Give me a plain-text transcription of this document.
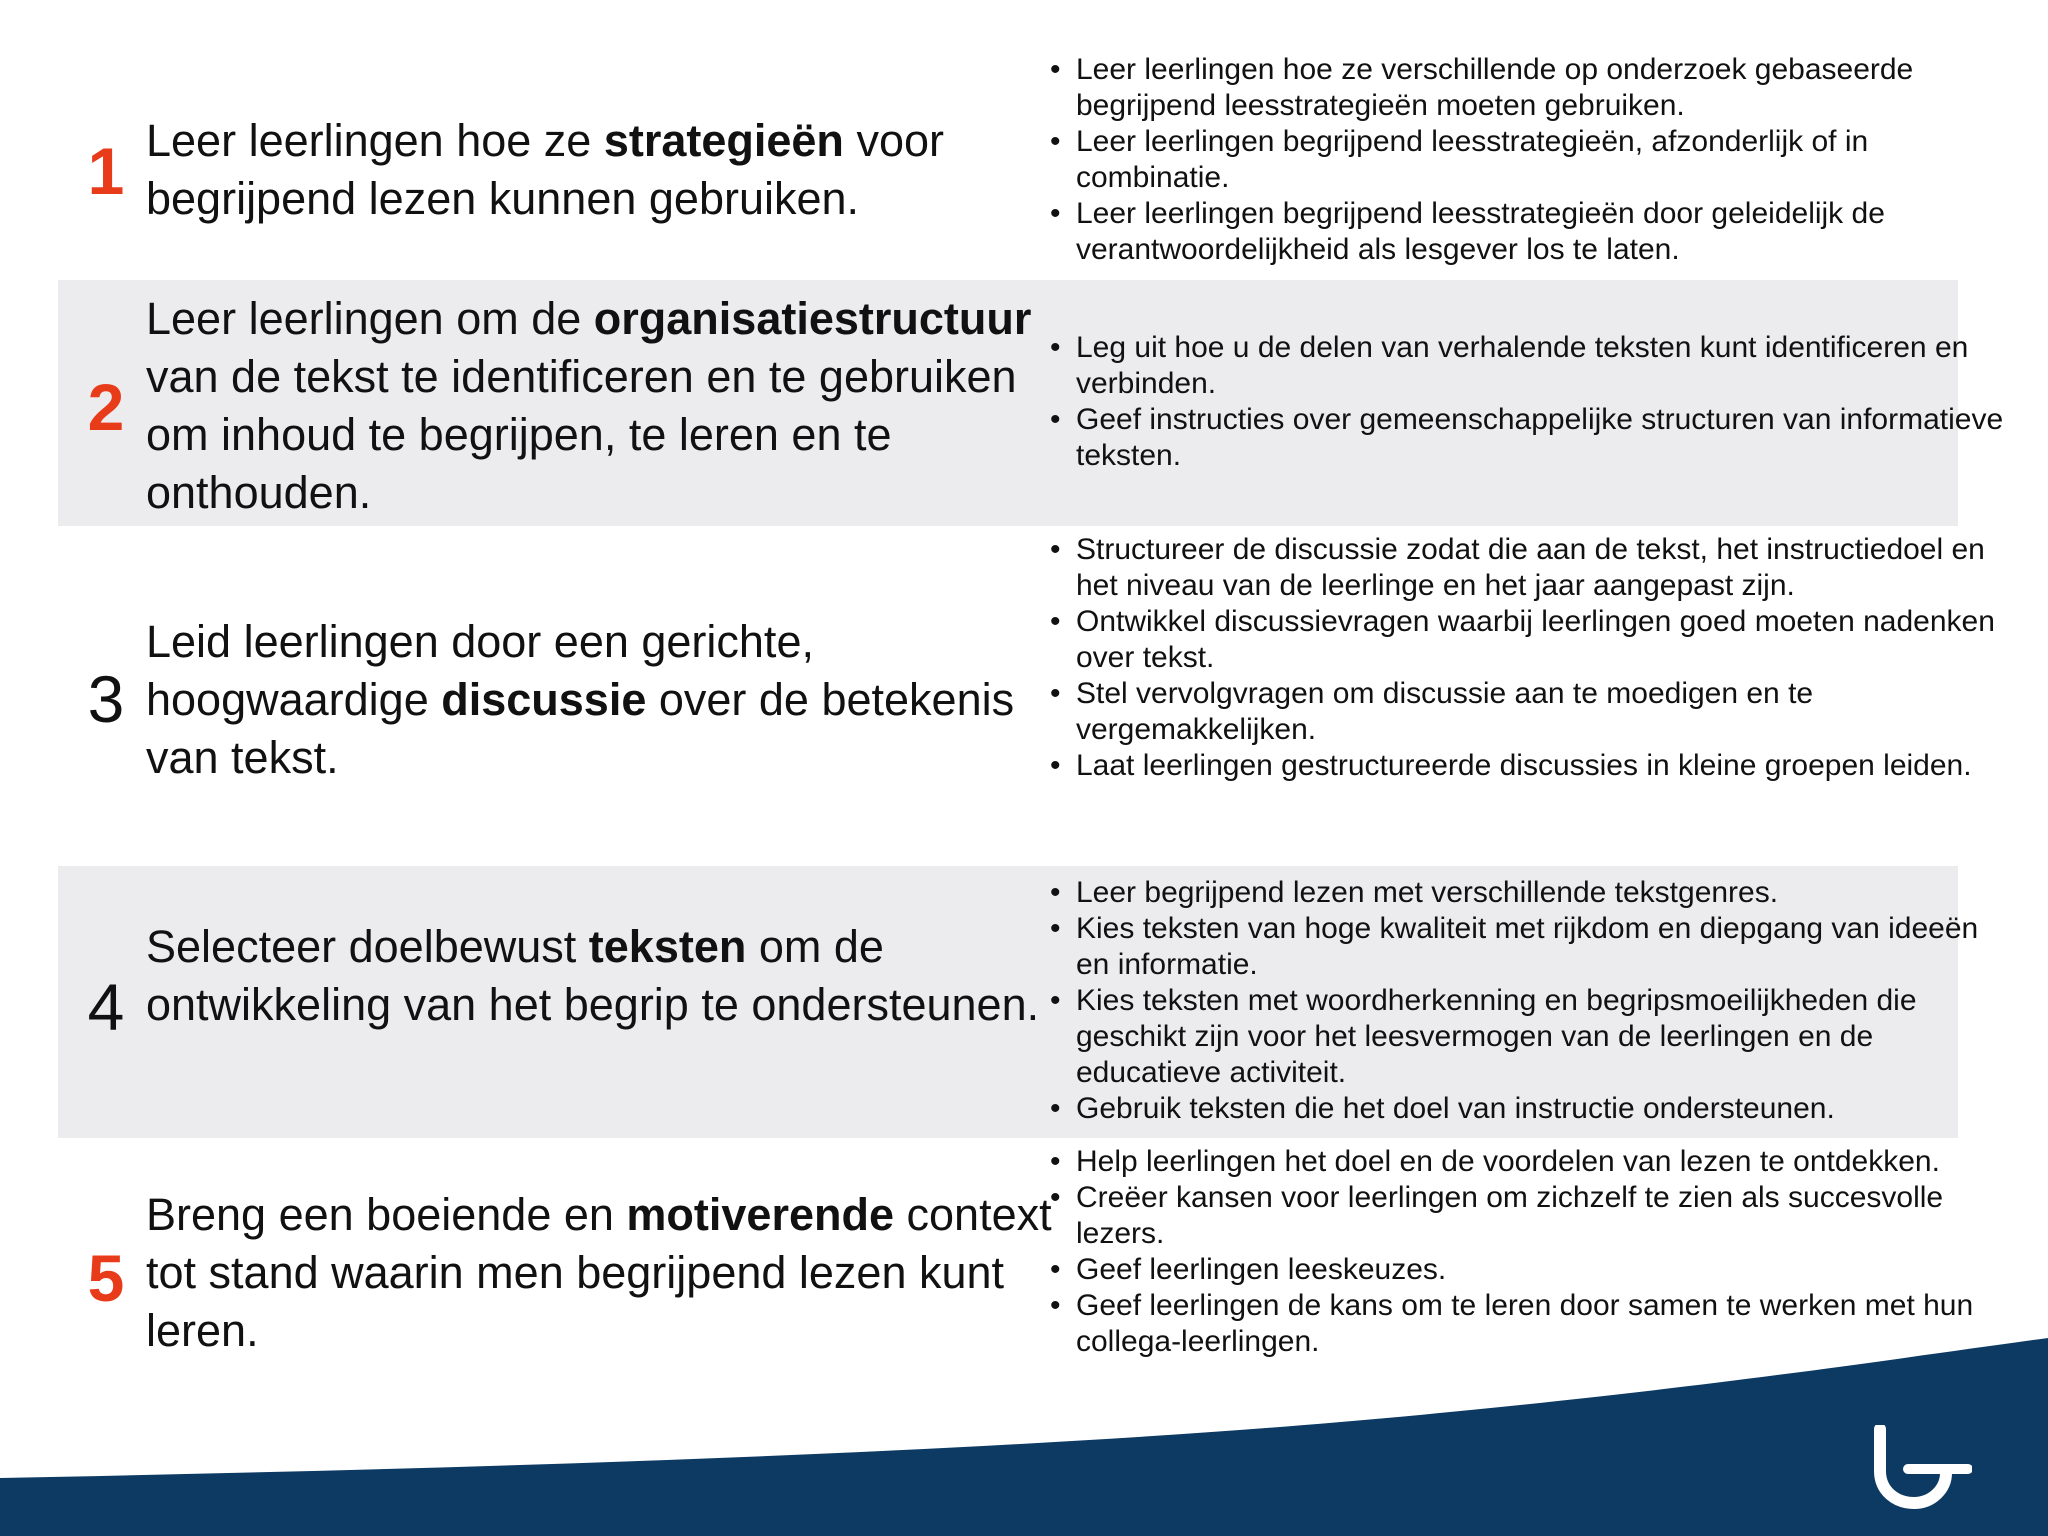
1 Leer leerlingen hoe ze strategieën voor begrijpend lezen kunnen gebruiken.
• Leer leerlingen hoe ze verschillende op onderzoek gebaseerde begrijpend leesstrategieën moeten gebruiken.
• Leer leerlingen begrijpend leesstrategieën, afzonderlijk of in combinatie.
• Leer leerlingen begrijpend leesstrategieën door geleidelijk de verantwoordelijkheid als lesgever los te laten.
2
Leer leerlingen om de organisatiestructuur van de tekst te identificeren en te gebruiken om inhoud te begrijpen, te leren en te onthouden.
• Leg uit hoe u de delen van verhalende teksten kunt identificeren en verbinden.
• Geef instructies over gemeenschappelijke structuren van informatieve teksten.
3
Leid leerlingen door een gerichte, hoogwaardige discussie over de betekenis van tekst.
• Structureer de discussie zodat die aan de tekst, het instructiedoel en het niveau van de leerlinge en het jaar aangepast zijn.
• Ontwikkel discussievragen waarbij leerlingen goed moeten nadenken over tekst.
• Stel vervolgvragen om discussie aan te moedigen en te vergemakkelijken.
• Laat leerlingen gestructureerde discussies in kleine groepen leiden.
4
Selecteer doelbewust teksten om de ontwikkeling van het begrip te ondersteunen.
• Leer begrijpend lezen met verschillende tekstgenres.
• Kies teksten van hoge kwaliteit met rijkdom en diepgang van ideeën en informatie.
• Kies teksten met woordherkenning en begripsmoeilijkheden die geschikt zijn voor het leesvermogen van de leerlingen en de educatieve activiteit.
• Gebruik teksten die het doel van instructie ondersteunen.
5
Breng een boeiende en motiverende context tot stand waarin men begrijpend lezen kunt leren.
• Help leerlingen het doel en de voordelen van lezen te ontdekken.
• Creëer kansen voor leerlingen om zichzelf te zien als succesvolle lezers.
• Geef leerlingen leeskeuzes.
• Geef leerlingen de kans om te leren door samen te werken met hun collega-leerlingen.
